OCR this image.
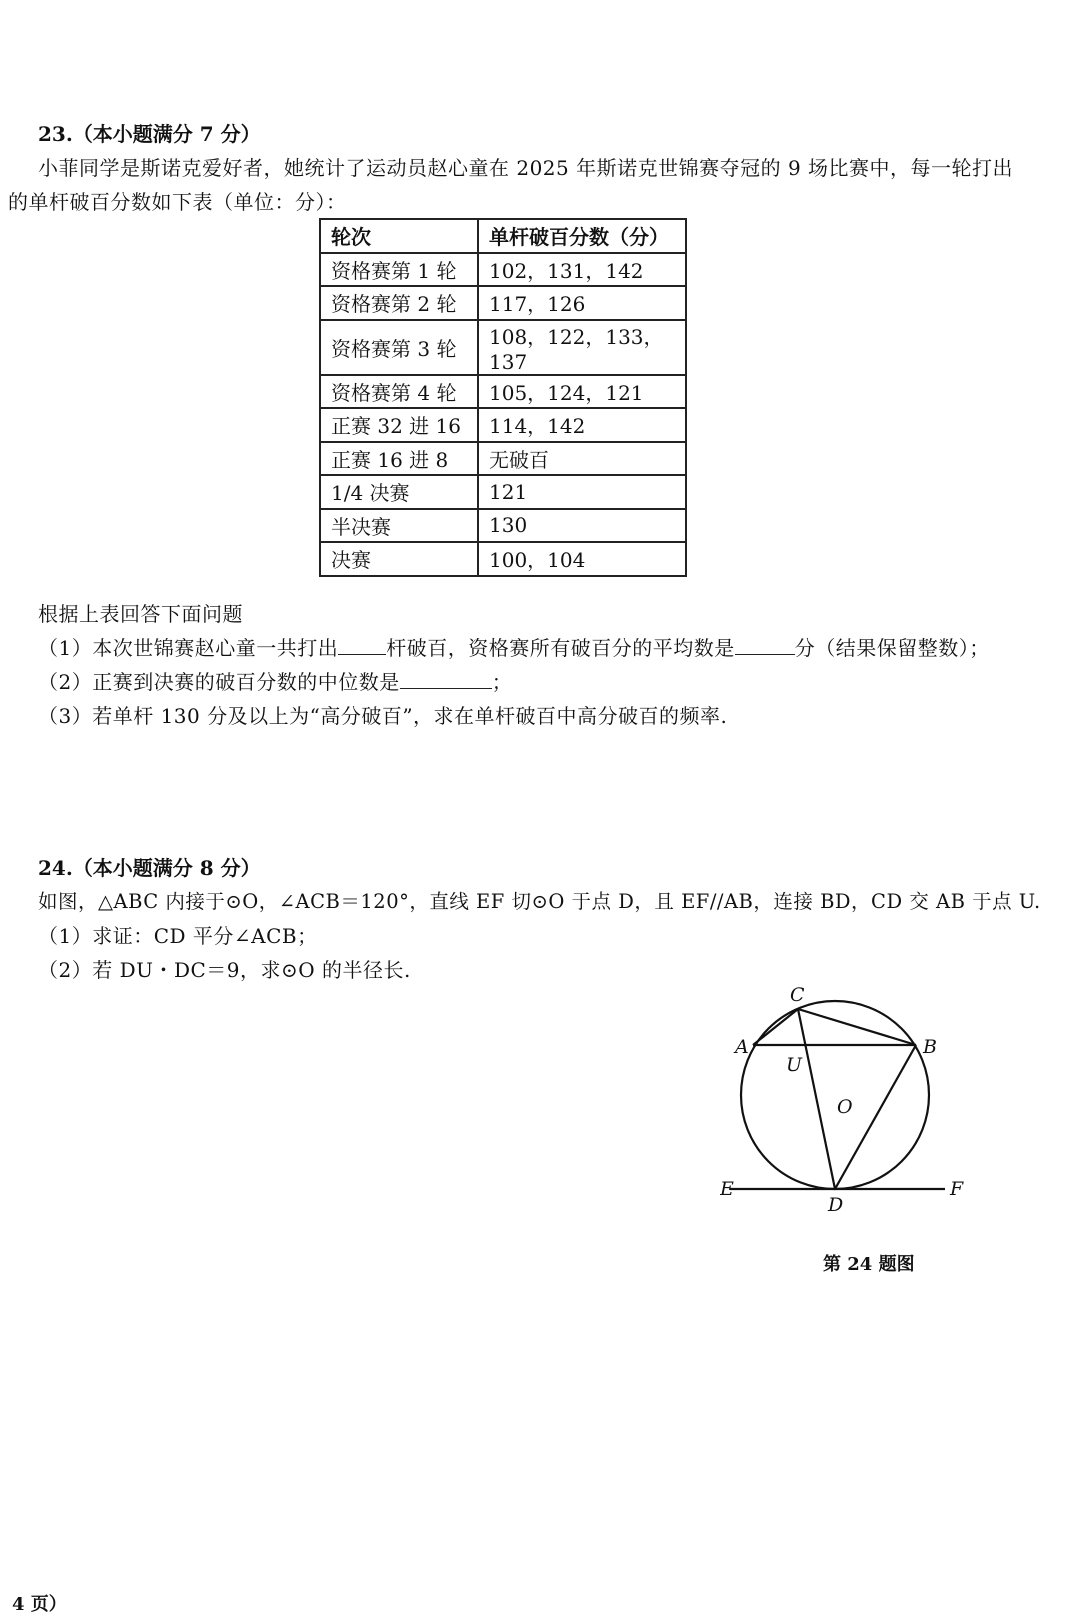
23.（本小题满分 7 分）
小菲同学是斯诺克爱好者，她统计了运动员赵心童在 2025 年斯诺克世锦赛夺冠的 9 场比赛中，每一轮打出
的单杆破百分数如下表（单位：分）：
轮次	单杆破百分数（分）
资格赛第 1 轮	102，131，142
资格赛第 2 轮	117，126
资格赛第 3 轮	108，122，133，137
资格赛第 4 轮	105，124，121
正赛 32 进 16	114，142
正赛 16 进 8	无破百
1/4 决赛	121
半决赛	130
决赛	100，104
根据上表回答下面问题
（1）本次世锦赛赵心童一共打出 杆破百，资格赛所有破百分的平均数是	分（结果保留整数）；
（2）正赛到决赛的破百分数的中位数是	；
（3）若单杆 130 分及以上为“高分破百”，求在单杆破百中高分破百的频率.
24.（本小题满分 8 分）
如图，△ABC 内接于⊙O，∠ACB＝120°，直线 EF 切⊙O 于点 D，且 EF//AB，连接 BD，CD 交 AB 于点 U.
（1）求证：CD 平分∠ACB；
（2）若 DU・DC＝9，求⊙O 的半径长.
C
A	B
U
O
E	F
D
第 24 题图
4 页）
